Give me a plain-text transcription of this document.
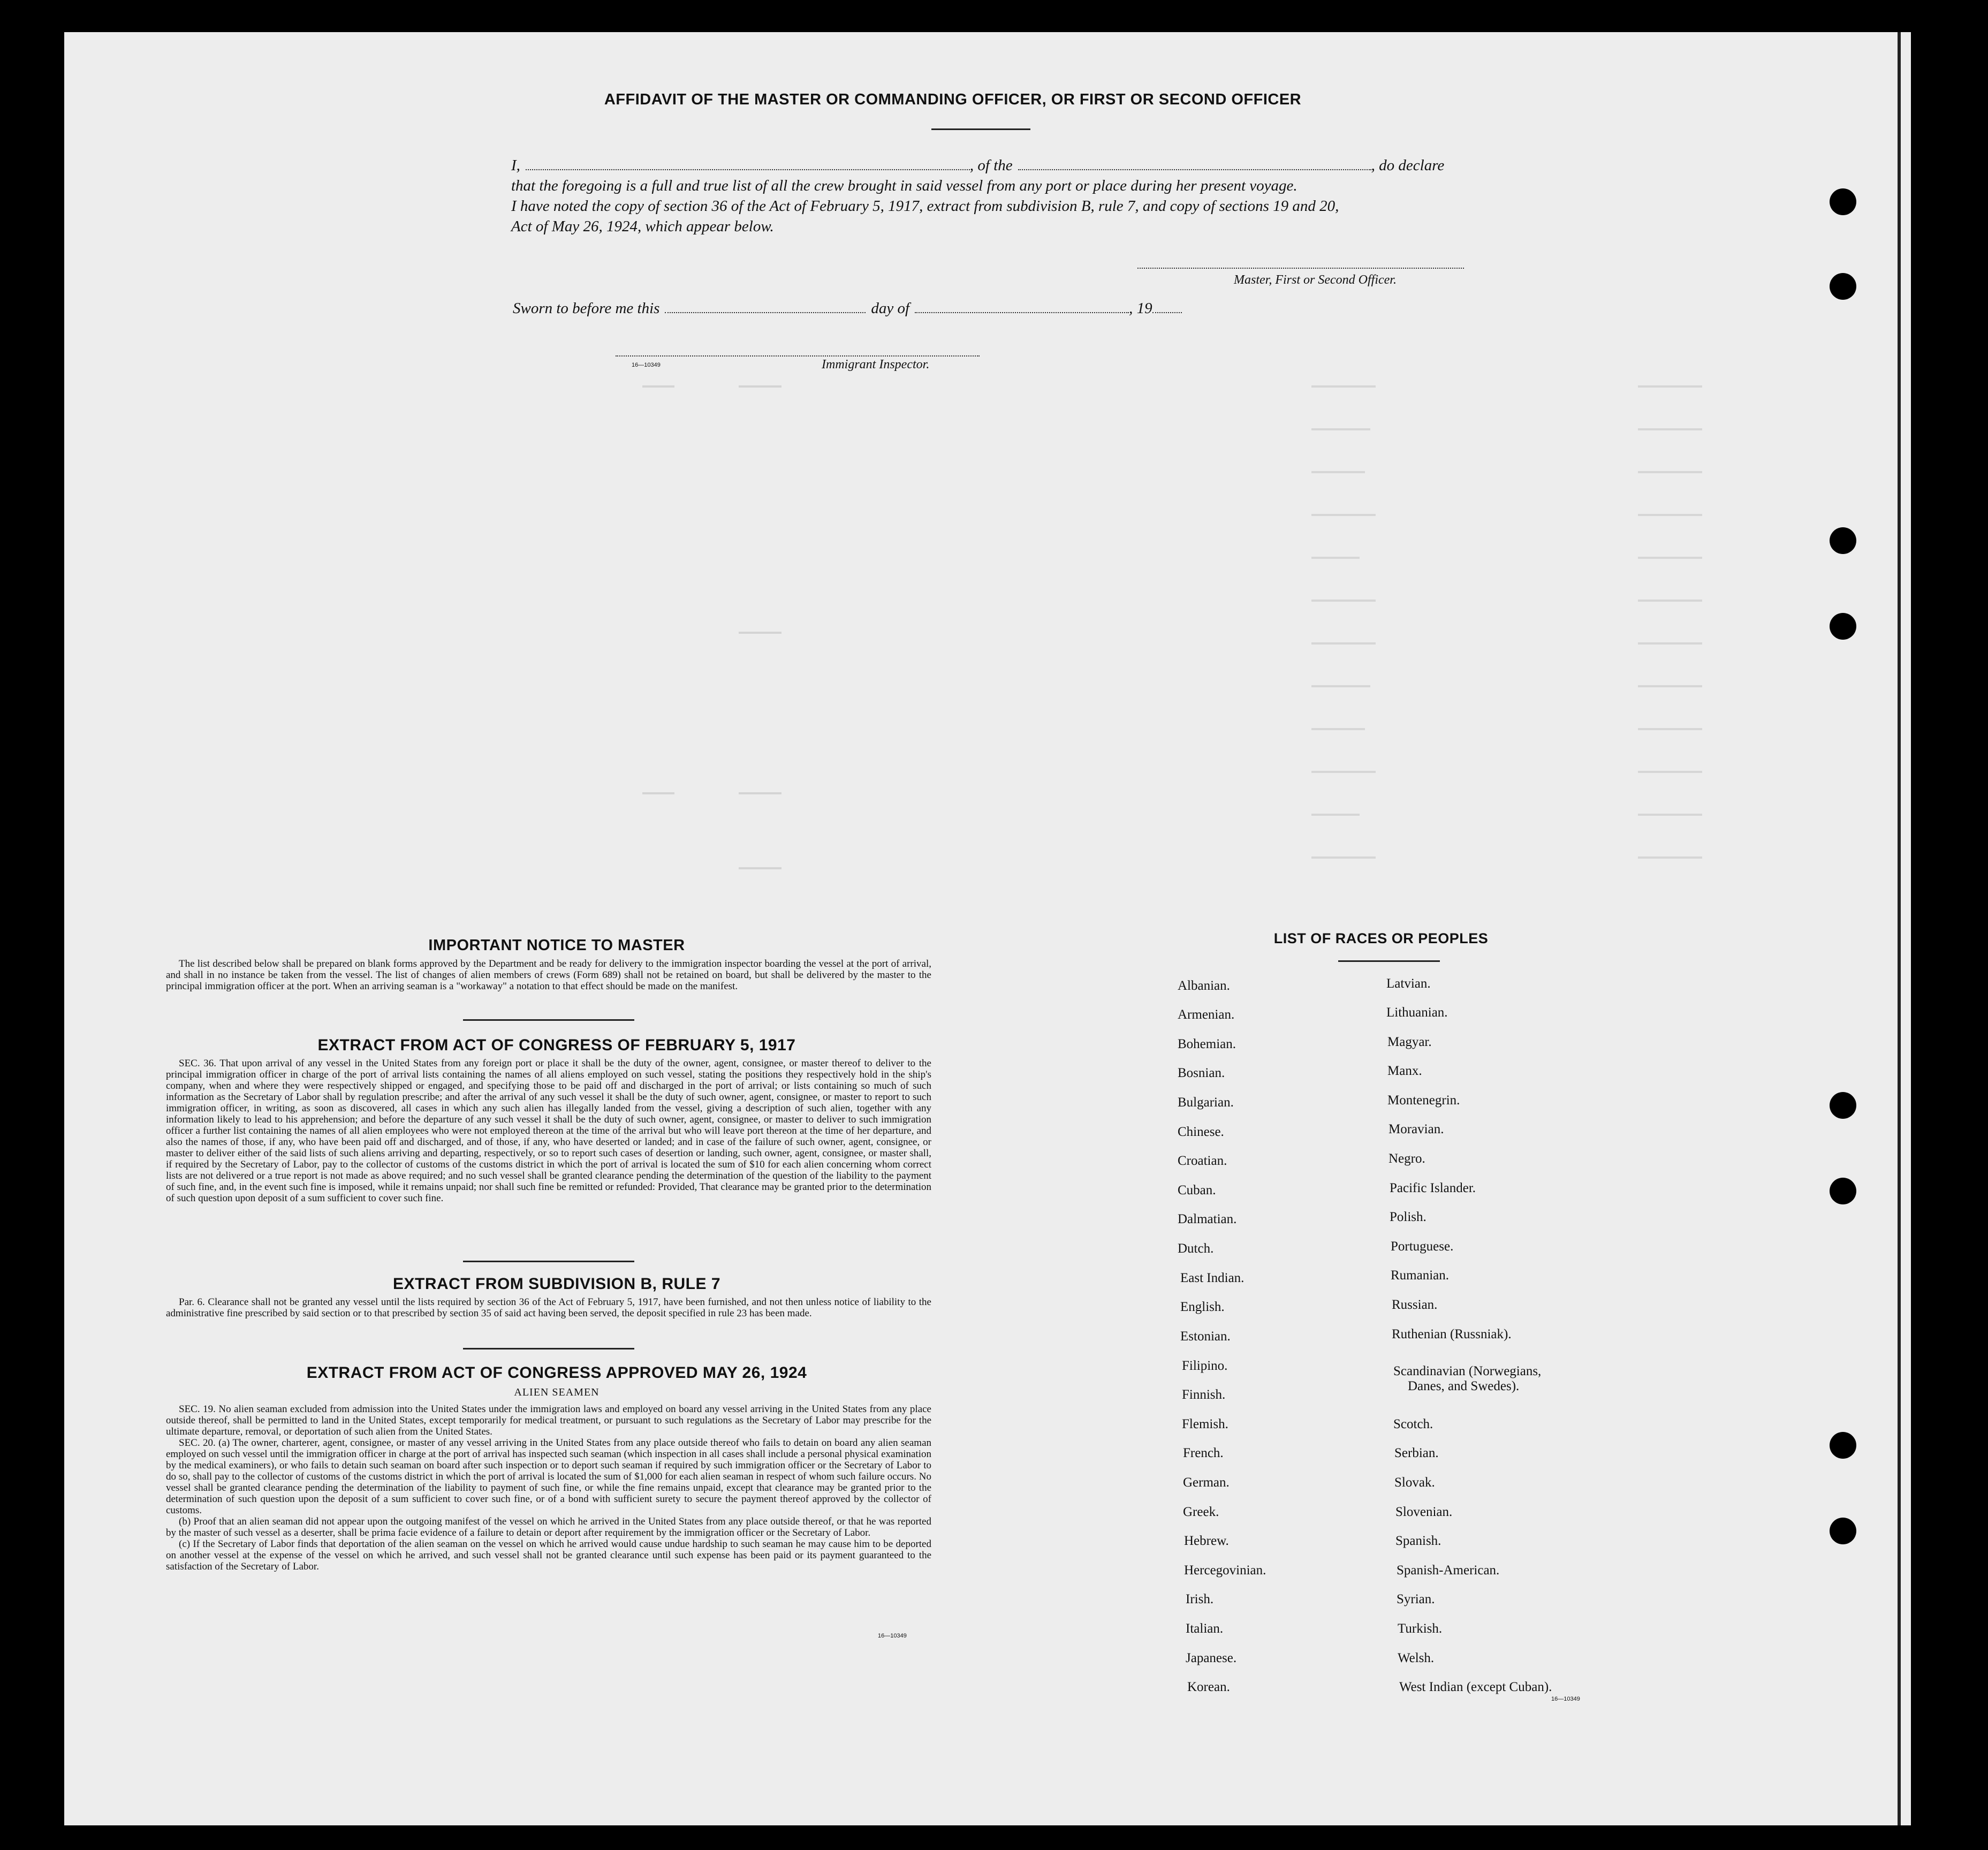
AFFIDAVIT OF THE MASTER OR COMMANDING OFFICER, OR FIRST OR SECOND OFFICER
I,	, of the	, do declare
that the foregoing is a full and true list of all the crew brought in said vessel from any port or place during her present voyage.
I have noted the copy of section 36 of the Act of February 5, 1917, extract from subdivision B, rule 7, and copy of sections 19 and 20,
Act of May 26, 1924, which appear below.
Master, First or Second Officer.
Sworn to before me this	day of	, 19
16—10349	Immigrant Inspector.
IMPORTANT NOTICE TO MASTER
The list described below shall be prepared on blank forms approved by the Department and be ready for delivery to the immigration inspector boarding the vessel at the port of arrival, and shall in no instance be taken from the vessel. The list of changes of alien members of crews (Form 689) shall not be retained on board, but shall be delivered by the master to the principal immigration officer at the port. When an arriving seaman is a "workaway" a notation to that effect should be made on the manifest.
EXTRACT FROM ACT OF CONGRESS OF FEBRUARY 5, 1917
SEC. 36. That upon arrival of any vessel in the United States from any foreign port or place it shall be the duty of the owner, agent, consignee, or master thereof to deliver to the principal immigration officer in charge of the port of arrival lists containing the names of all aliens employed on such vessel, stating the positions they respectively hold in the ship's company, when and where they were respectively shipped or engaged, and specifying those to be paid off and discharged in the port of arrival; or lists containing so much of such information as the Secretary of Labor shall by regulation prescribe; and after the arrival of any such vessel it shall be the duty of such owner, agent, consignee, or master to report to such immigration officer, in writing, as soon as discovered, all cases in which any such alien has illegally landed from the vessel, giving a description of such alien, together with any information likely to lead to his apprehension; and before the departure of any such vessel it shall be the duty of such owner, agent, consignee, or master to deliver to such immigration officer a further list containing the names of all alien employees who were not employed thereon at the time of the arrival but who will leave port thereon at the time of her departure, and also the names of those, if any, who have been paid off and discharged, and of those, if any, who have deserted or landed; and in case of the failure of such owner, agent, consignee, or master to deliver either of the said lists of such aliens arriving and departing, respectively, or so to report such cases of desertion or landing, such owner, agent, consignee, or master shall, if required by the Secretary of Labor, pay to the collector of customs of the customs district in which the port of arrival is located the sum of $10 for each alien concerning whom correct lists are not delivered or a true report is not made as above required; and no such vessel shall be granted clearance pending the determination of the question of the liability to the payment of such fine, and, in the event such fine is imposed, while it remains unpaid; nor shall such fine be remitted or refunded: Provided, That clearance may be granted prior to the determination of such question upon deposit of a sum sufficient to cover such fine.
EXTRACT FROM SUBDIVISION B, RULE 7
Par. 6. Clearance shall not be granted any vessel until the lists required by section 36 of the Act of February 5, 1917, have been furnished, and not then unless notice of liability to the administrative fine prescribed by said section or to that prescribed by section 35 of said act having been served, the deposit specified in rule 23 has been made.
EXTRACT FROM ACT OF CONGRESS APPROVED MAY 26, 1924
ALIEN SEAMEN
SEC. 19. No alien seaman excluded from admission into the United States under the immigration laws and employed on board any vessel arriving in the United States from any place outside thereof, shall be permitted to land in the United States, except temporarily for medical treatment, or pursuant to such regulations as the Secretary of Labor may prescribe for the ultimate departure, removal, or deportation of such alien from the United States.
SEC. 20. (a) The owner, charterer, agent, consignee, or master of any vessel arriving in the United States from any place outside thereof who fails to detain on board any alien seaman employed on such vessel until the immigration officer in charge at the port of arrival has inspected such seaman (which inspection in all cases shall include a personal physical examination by the medical examiners), or who fails to detain such seaman on board after such inspection or to deport such seaman if required by such immigration officer or the Secretary of Labor to do so, shall pay to the collector of customs of the customs district in which the port of arrival is located the sum of $1,000 for each alien seaman in respect of whom such failure occurs. No vessel shall be granted clearance pending the determination of the liability to payment of such fine, or while the fine remains unpaid, except that clearance may be granted prior to the determination of such question upon the deposit of a sum sufficient to cover such fine, or of a bond with sufficient surety to secure the payment thereof approved by the collector of customs.
(b) Proof that an alien seaman did not appear upon the outgoing manifest of the vessel on which he arrived in the United States from any place outside thereof, or that he was reported by the master of such vessel as a deserter, shall be prima facie evidence of a failure to detain or deport after requirement by the immigration officer or the Secretary of Labor.
(c) If the Secretary of Labor finds that deportation of the alien seaman on the vessel on which he arrived would cause undue hardship to such seaman he may cause him to be deported on another vessel at the expense of the vessel on which he arrived, and such vessel shall not be granted clearance until such expense has been paid or its payment guaranteed to the satisfaction of the Secretary of Labor.
16—10349
LIST OF RACES OR PEOPLES
Albanian.
Armenian.
Bohemian.
Bosnian.
Bulgarian.
Chinese.
Croatian.
Cuban.
Dalmatian.
Dutch.
East Indian.
English.
Estonian.
Filipino.
Finnish.
Flemish.
French.
German.
Greek.
Hebrew.
Hercegovinian.
Irish.
Italian.
Japanese.
Korean.
Latvian.
Lithuanian.
Magyar.
Manx.
Montenegrin.
Moravian.
Negro.
Pacific Islander.
Polish.
Portuguese.
Rumanian.
Russian.
Ruthenian (Russniak).
Scandinavian (Norwegians,
Danes, and Swedes).
Scotch.
Serbian.
Slovak.
Slovenian.
Spanish.
Spanish-American.
Syrian.
Turkish.
Welsh.
West Indian (except Cuban).
16—10349
